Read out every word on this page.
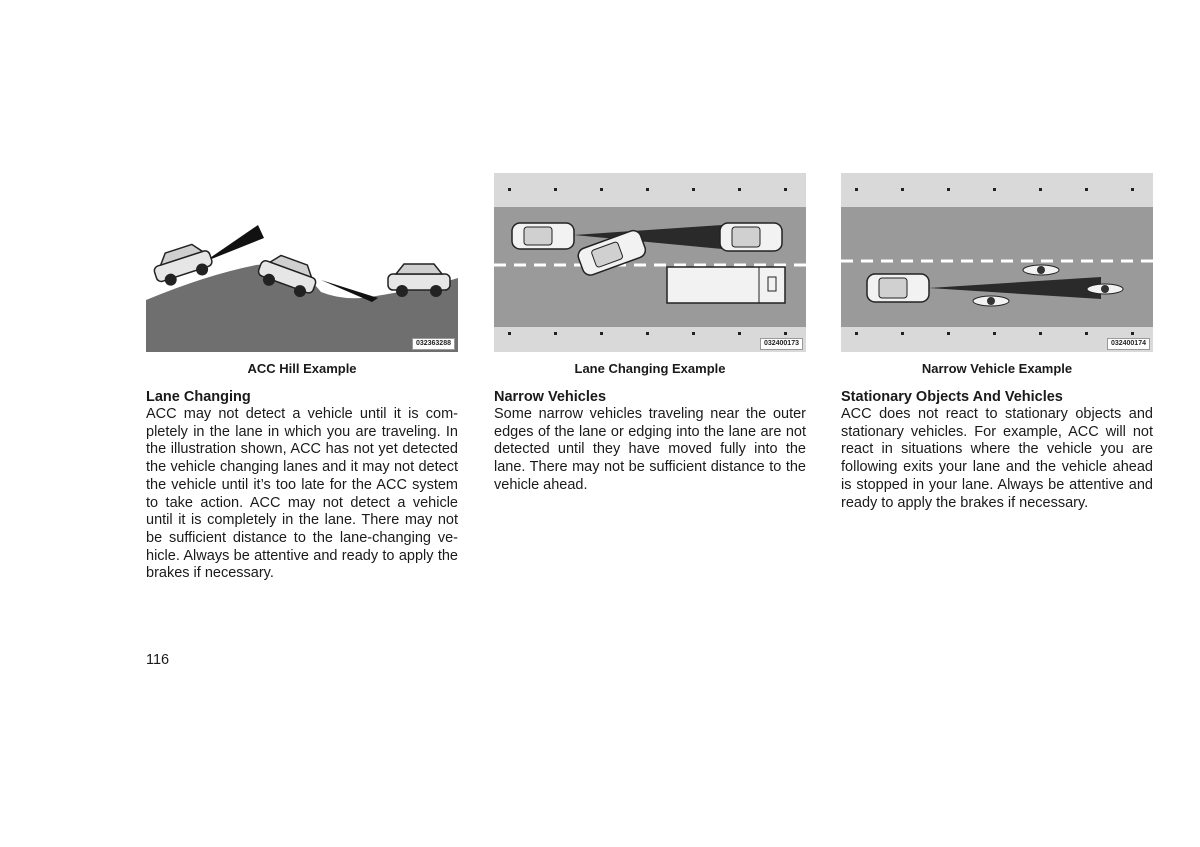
032363288
ACC Hill Example
Lane Changing
ACC may not detect a vehicle until it is com-pletely in the lane in which you are traveling. In the illustration shown, ACC has not yet detected the vehicle changing lanes and it may not detect the vehicle until it’s too late for the ACC system to take action. ACC may not detect a vehicle until it is completely in the lane. There may not be sufficient distance to the lane-changing ve-hicle. Always be attentive and ready to apply the brakes if necessary.
032400173
Lane Changing Example
Narrow Vehicles
Some narrow vehicles traveling near the outer edges of the lane or edging into the lane are not detected until they have moved fully into the lane. There may not be sufficient distance to the vehicle ahead.
032400174
Narrow Vehicle Example
Stationary Objects And Vehicles
ACC does not react to stationary objects and stationary vehicles. For example, ACC will not react in situations where the vehicle you are following exits your lane and the vehicle ahead is stopped in your lane. Always be attentive and ready to apply the brakes if necessary.
116
